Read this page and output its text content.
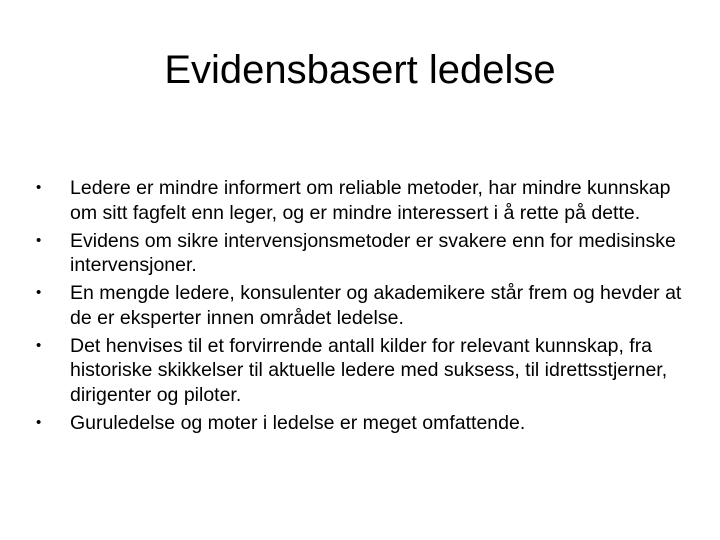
Evidensbasert ledelse
•	Ledere er mindre informert om reliable metoder, har mindre kunnskap om sitt fagfelt enn leger, og er mindre interessert i å rette på dette.
•	Evidens om sikre intervensjonsmetoder er svakere enn for medisinske intervensjoner.
•	En mengde ledere, konsulenter og akademikere står frem og hevder at de er eksperter innen området ledelse.
•	Det henvises til et forvirrende antall kilder for relevant kunnskap, fra historiske skikkelser til aktuelle ledere med suksess, til idrettsstjerner, dirigenter og piloter.
•	Guruledelse og moter i ledelse er meget omfattende.
